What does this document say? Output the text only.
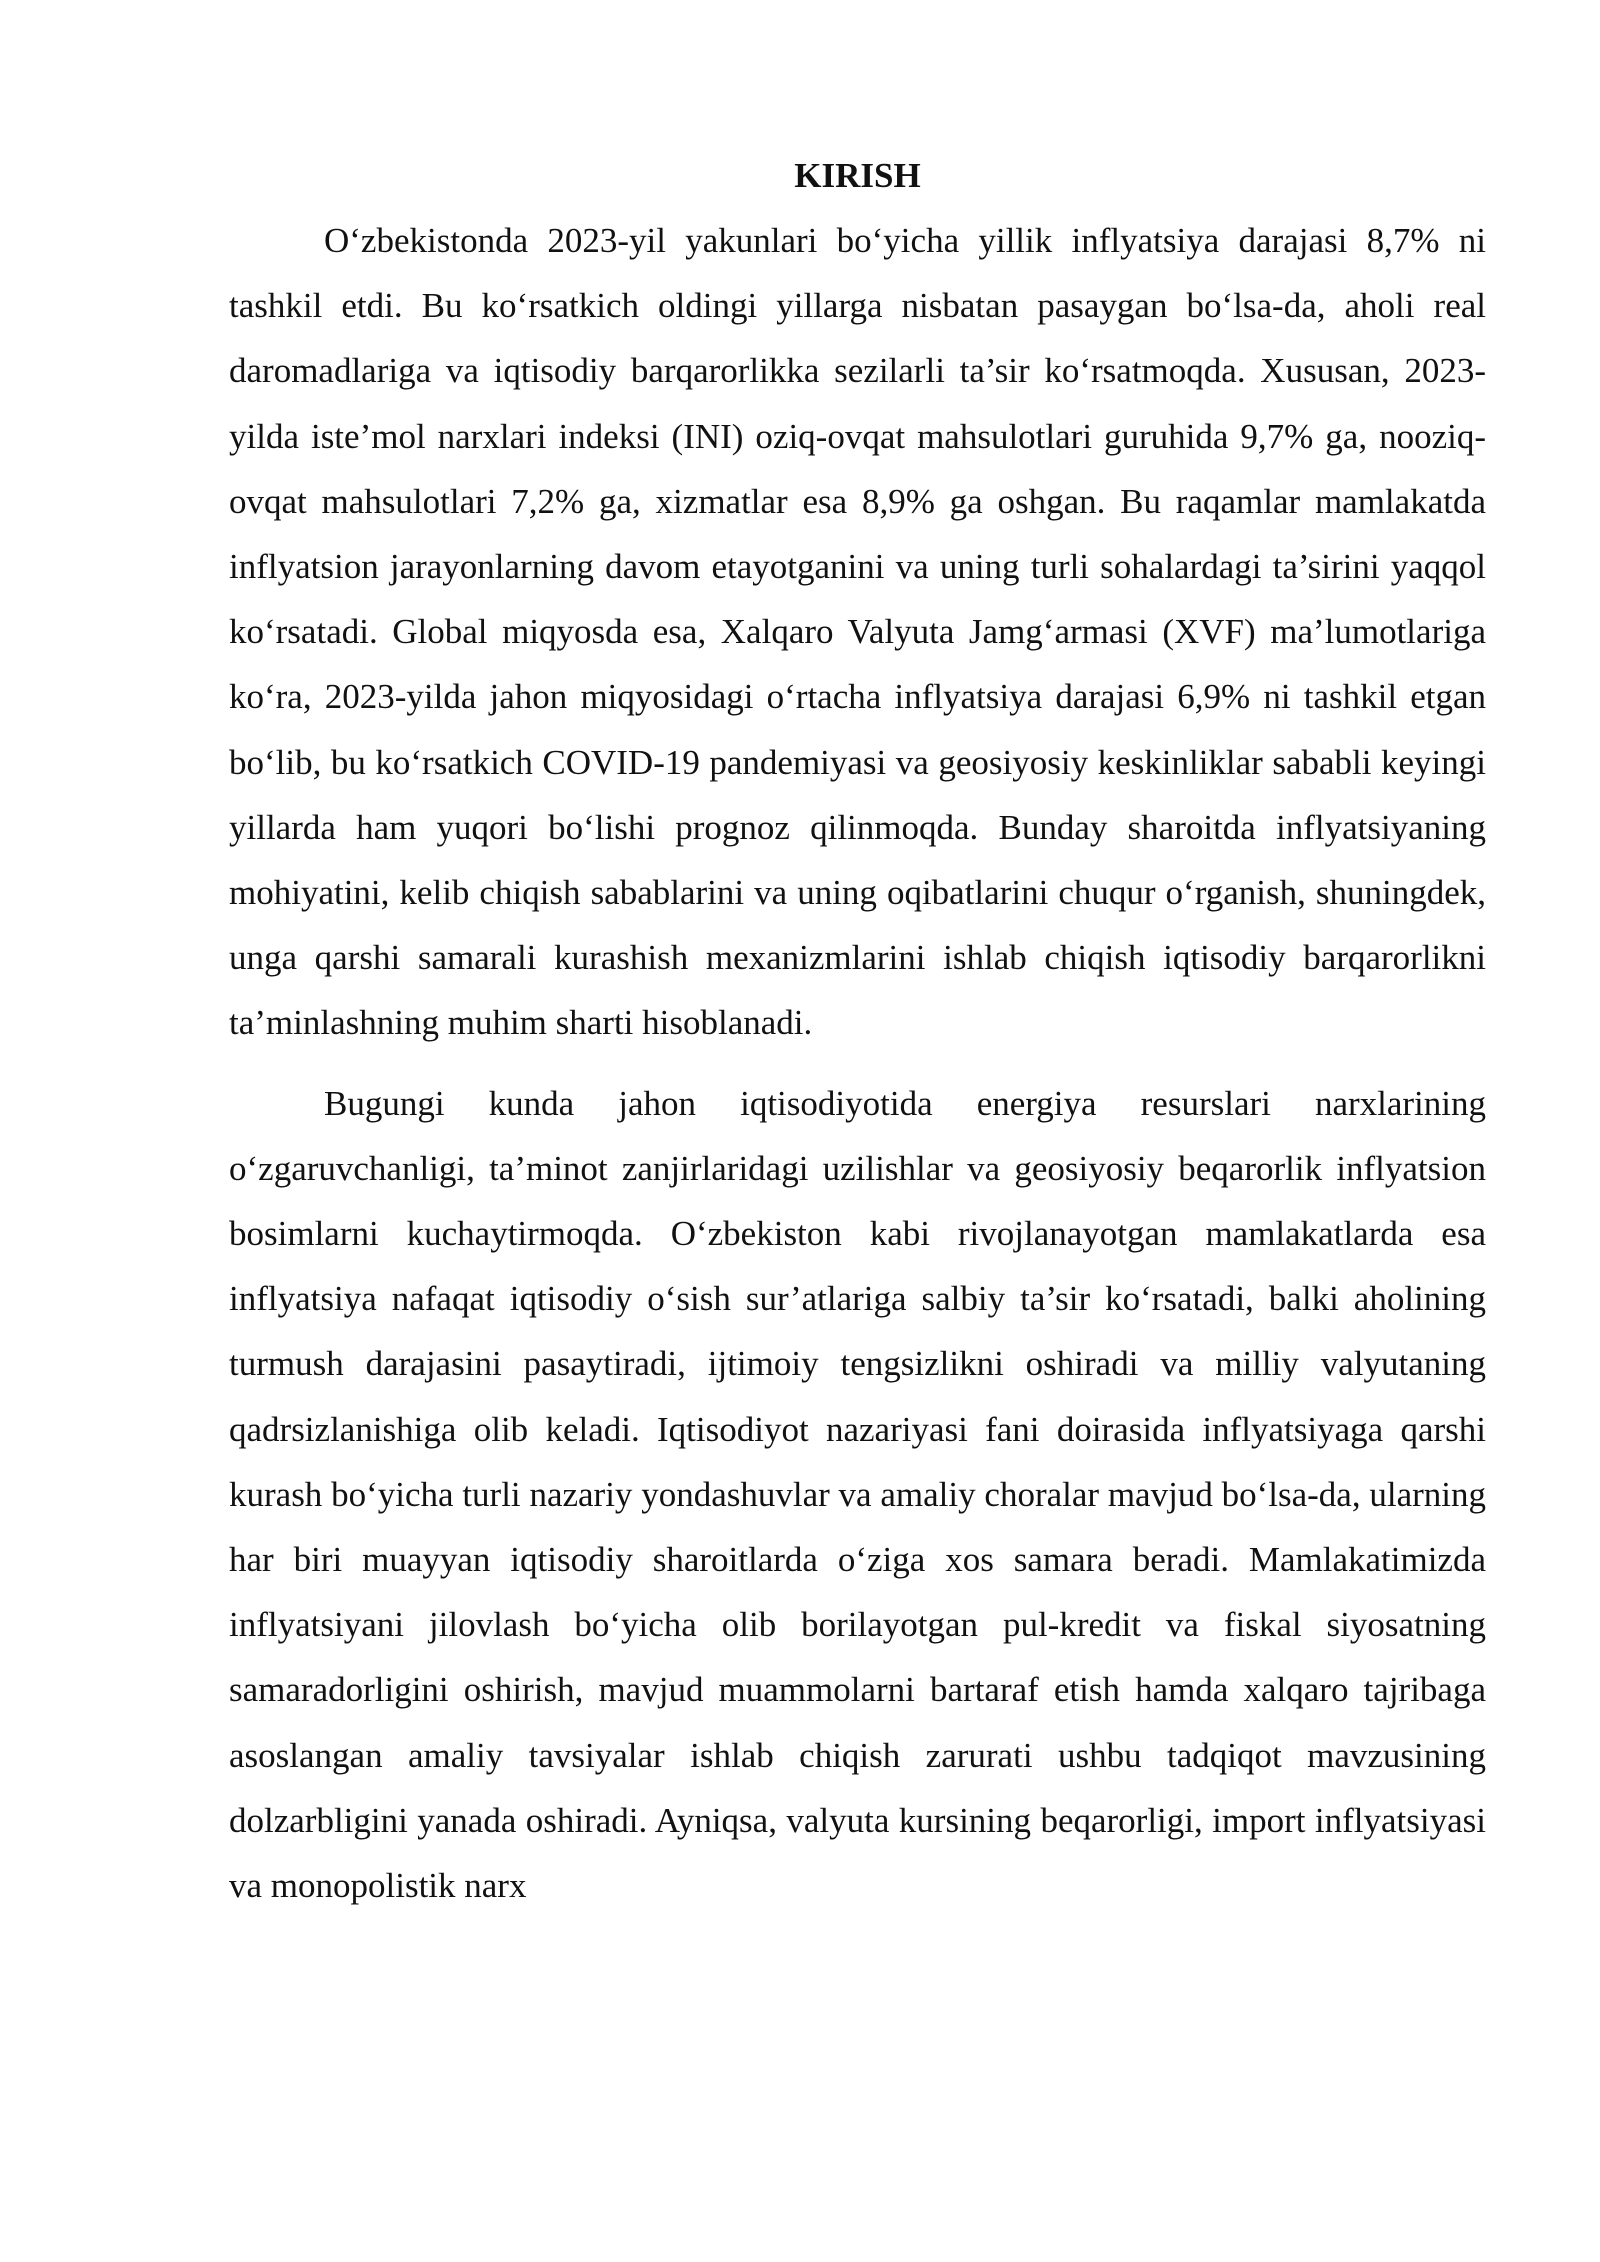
KIRISH

O‘zbekistonda 2023-yil yakunlari bo‘yicha yillik inflyatsiya darajasi 8,7% ni tashkil etdi. Bu ko‘rsatkich oldingi yillarga nisbatan pasaygan bo‘lsa-da, aholi real daromadlariga va iqtisodiy barqarorlikka sezilarli ta’sir ko‘rsatmoqda. Xususan, 2023-yilda iste’mol narxlari indeksi (INI) oziq-ovqat mahsulotlari guruhida 9,7% ga, nooziq-ovqat mahsulotlari 7,2% ga, xizmatlar esa 8,9% ga oshgan. Bu raqamlar mamlakatda inflyatsion jarayonlarning davom etayotganini va uning turli sohalardagi ta’sirini yaqqol ko‘rsatadi. Global miqyosda esa, Xalqaro Valyuta Jamg‘armasi (XVF) ma’lumotlariga ko‘ra, 2023-yilda jahon miqyosidagi o‘rtacha inflyatsiya darajasi 6,9% ni tashkil etgan bo‘lib, bu ko‘rsatkich COVID-19 pandemiyasi va geosiyosiy keskinliklar sababli keyingi yillarda ham yuqori bo‘lishi prognoz qilinmoqda. Bunday sharoitda inflyatsiyaning mohiyatini, kelib chiqish sabablarini va uning oqibatlarini chuqur o‘rganish, shuningdek, unga qarshi samarali kurashish mexanizmlarini ishlab chiqish iqtisodiy barqarorlikni ta’minlashning muhim sharti hisoblanadi.

Bugungi kunda jahon iqtisodiyotida energiya resurslari narxlarining o‘zgaruvchanligi, ta’minot zanjirlaridagi uzilishlar va geosiyosiy beqarorlik inflyatsion bosimlarni kuchaytirmoqda. O‘zbekiston kabi rivojlanayotgan mamlakatlarda esa inflyatsiya nafaqat iqtisodiy o‘sish sur’atlariga salbiy ta’sir ko‘rsatadi, balki aholining turmush darajasini pasaytiradi, ijtimoiy tengsizlikni oshiradi va milliy valyutaning qadrsizlanishiga olib keladi. Iqtisodiyot nazariyasi fani doirasida inflyatsiyaga qarshi kurash bo‘yicha turli nazariy yondashuvlar va amaliy choralar mavjud bo‘lsa-da, ularning har biri muayyan iqtisodiy sharoitlarda o‘ziga xos samara beradi. Mamlakatimizda inflyatsiyani jilovlash bo‘yicha olib borilayotgan pul-kredit va fiskal siyosatning samaradorligini oshirish, mavjud muammolarni bartaraf etish hamda xalqaro tajribaga asoslangan amaliy tavsiyalar ishlab chiqish zarurati ushbu tadqiqot mavzusining dolzarbligini yanada oshiradi. Ayniqsa, valyuta kursining beqarorligi, import inflyatsiyasi va monopolistik narx
